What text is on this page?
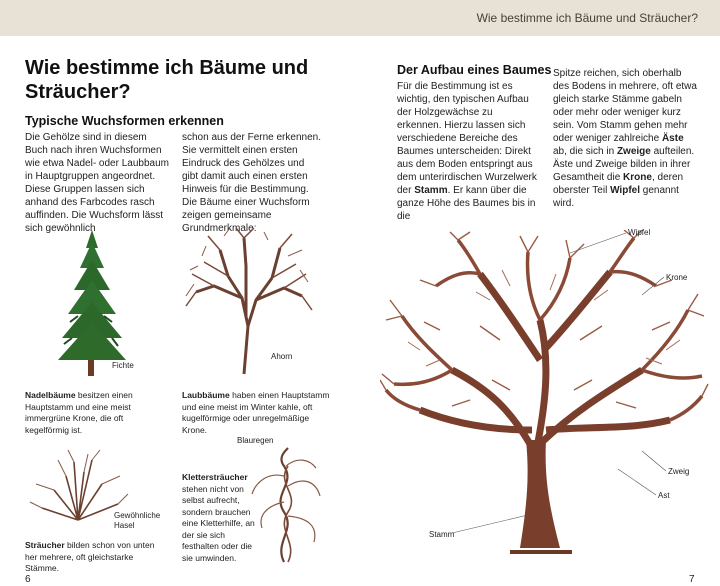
Wie bestimme ich Bäume und Sträucher?
Wie bestimme ich Bäume und Sträucher?
Typische Wuchsformen erkennen
Die Gehölze sind in diesem Buch nach ihren Wuchsformen wie etwa Nadel- oder Laubbaum in Hauptgruppen angeordnet. Diese Gruppen lassen sich anhand des Farbcodes rasch auffinden. Die Wuchsform lässt sich gewöhnlich
schon aus der Ferne erkennen. Sie vermittelt einen ersten Eindruck des Gehölzes und gibt damit auch einen ersten Hinweis für die Bestimmung. Die Bäume einer Wuchsform zeigen gemeinsame Grundmerkmale:
Fichte
Ahorn
Nadelbäume besitzen einen Hauptstamm und eine meist immergrüne Krone, die oft kegelförmig ist.
Laubbäume haben einen Hauptstamm und eine meist im Winter kahle, oft kugelförmige oder unregelmäßige Krone.
Gewöhnliche Hasel
Blauregen
Klettersträucher stehen nicht von selbst aufrecht, sondern brauchen eine Kletterhilfe, an der sie sich festhalten oder die sie umwinden.
Sträucher bilden schon von unten her mehrere, oft gleichstarke Stämme.
6
Der Aufbau eines Baumes
Für die Bestimmung ist es wichtig, den typischen Aufbau der Holzgewächse zu erkennen. Hierzu lassen sich verschiedene Bereiche des Baumes unterscheiden: Direkt aus dem Boden entspringt aus dem unterirdischen Wurzelwerk der Stamm. Er kann über die ganze Höhe des Baumes bis in die
Spitze reichen, sich oberhalb des Bodens in mehrere, oft etwa gleich starke Stämme gabeln oder mehr oder weniger kurz sein. Vom Stamm gehen mehr oder weniger zahlreiche Äste ab, die sich in Zweige aufteilen. Äste und Zweige bilden in ihrer Gesamtheit die Krone, deren oberster Teil Wipfel genannt wird.
Wipfel
Krone
Zweig
Ast
Stamm
7
